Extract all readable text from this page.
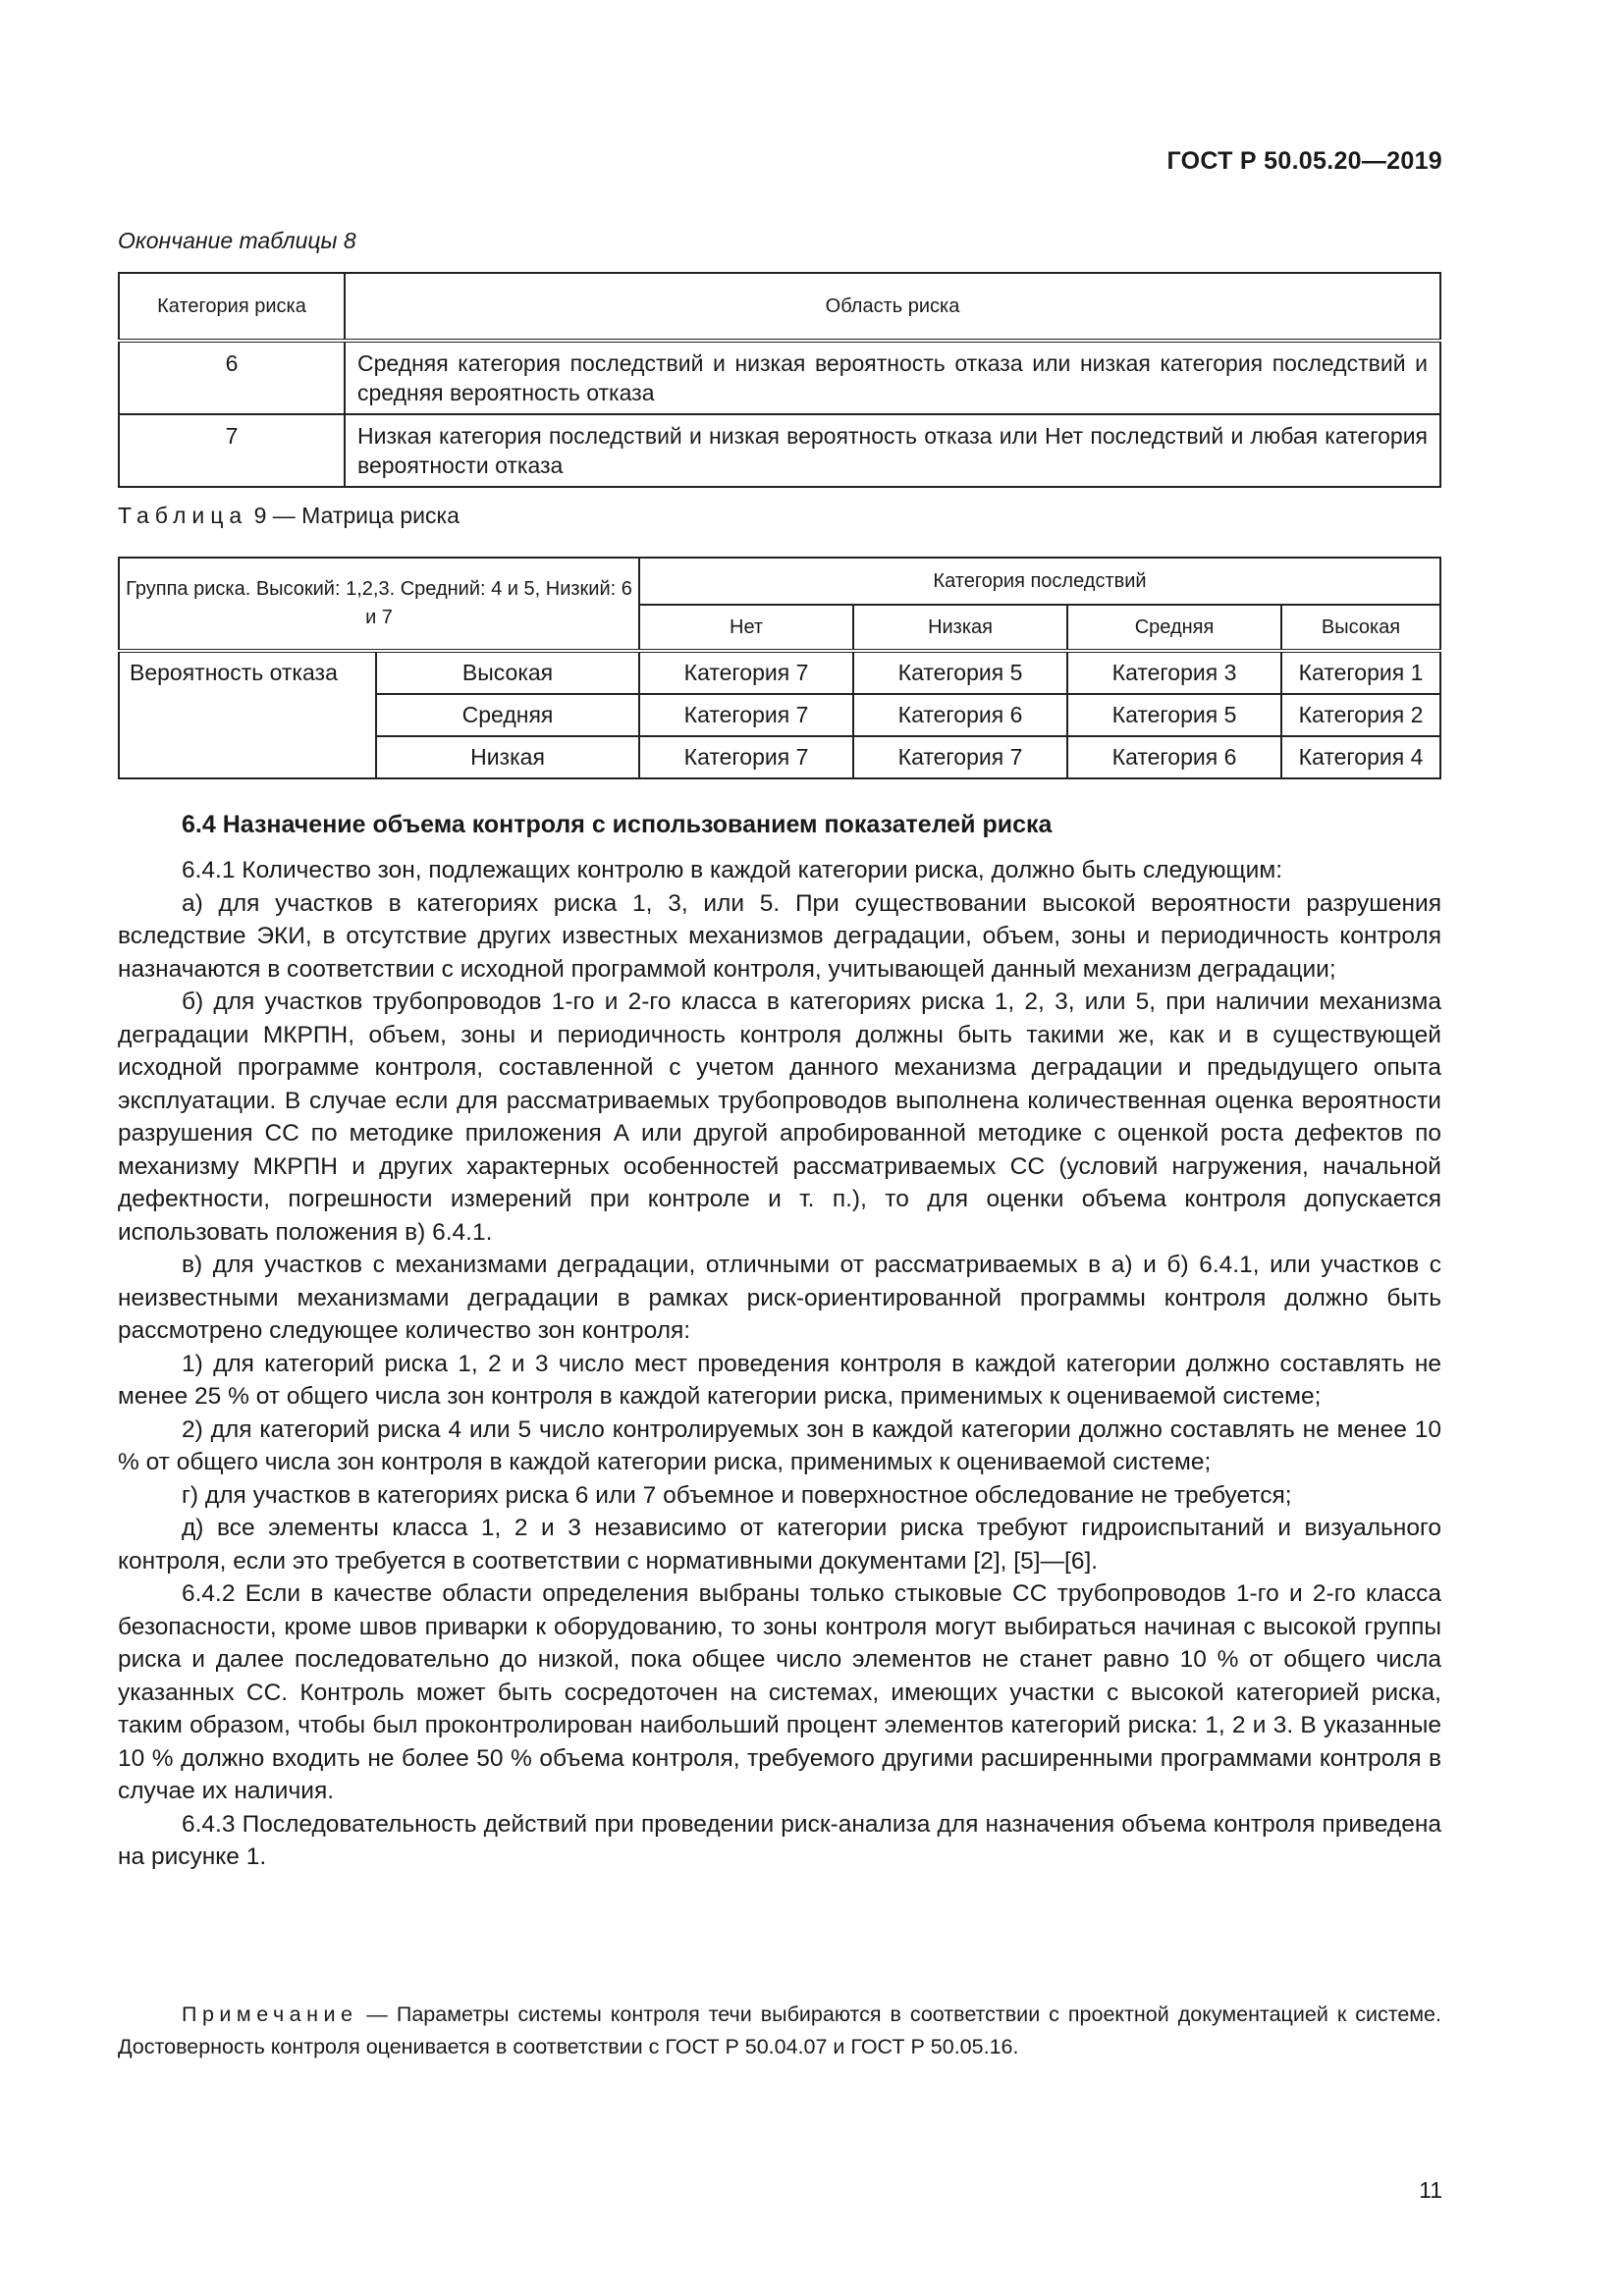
ГОСТ Р 50.05.20—2019
Окончание таблицы 8
Категория риска	Область риска
6	Средняя категория последствий и низкая вероятность отказа или низкая категория последствий и средняя вероятность отказа
7	Низкая категория последствий и низкая вероятность отказа или Нет последствий и любая категория вероятности отказа
Таблица 9 — Матрица риска
Группа риска. Высокий: 1,2,3. Средний: 4 и 5, Низкий: 6 и 7		Категория последствий			
		Нет	Низкая	Средняя	Высокая
Вероятность отказа	Высокая	Категория 7	Категория 5	Категория 3	Категория 1
	Средняя	Категория 7	Категория 6	Категория 5	Категория 2
	Низкая	Категория 7	Категория 7	Категория 6	Категория 4
6.4 Назначение объема контроля с использованием показателей риска

6.4.1 Количество зон, подлежащих контролю в каждой категории риска, должно быть следующим:

а) для участков в категориях риска 1, 3, или 5. При существовании высокой вероятности разрушения вследствие ЭКИ, в отсутствие других известных механизмов деградации, объем, зоны и периодичность контроля назначаются в соответствии с исходной программой контроля, учитывающей данный механизм деградации;

б) для участков трубопроводов 1-го и 2-го класса в категориях риска 1, 2, 3, или 5, при наличии механизма деградации МКРПН, объем, зоны и периодичность контроля должны быть такими же, как и в существующей исходной программе контроля, составленной с учетом данного механизма деградации и предыдущего опыта эксплуатации. В случае если для рассматриваемых трубопроводов выполнена количественная оценка вероятности разрушения СС по методике приложения А или другой апробированной методике с оценкой роста дефектов по механизму МКРПН и других характерных особенностей рассматриваемых СС (условий нагружения, начальной дефектности, погрешности измерений при контроле и т. п.), то для оценки объема контроля допускается использовать положения в) 6.4.1.

в) для участков с механизмами деградации, отличными от рассматриваемых в а) и б) 6.4.1, или участков с неизвестными механизмами деградации в рамках риск-ориентированной программы контроля должно быть рассмотрено следующее количество зон контроля:

1) для категорий риска 1, 2 и 3 число мест проведения контроля в каждой категории должно составлять не менее 25 % от общего числа зон контроля в каждой категории риска, применимых к оцениваемой системе;

2) для категорий риска 4 или 5 число контролируемых зон в каждой категории должно составлять не менее 10 % от общего числа зон контроля в каждой категории риска, применимых к оцениваемой системе;

г) для участков в категориях риска 6 или 7 объемное и поверхностное обследование не требуется;

д) все элементы класса 1, 2 и 3 независимо от категории риска требуют гидроиспытаний и визуального контроля, если это требуется в соответствии с нормативными документами [2], [5]—[6].

6.4.2 Если в качестве области определения выбраны только стыковые СС трубопроводов 1-го и 2-го класса безопасности, кроме швов приварки к оборудованию, то зоны контроля могут выбираться начиная с высокой группы риска и далее последовательно до низкой, пока общее число элементов не станет равно 10 % от общего числа указанных СС. Контроль может быть сосредоточен на системах, имеющих участки с высокой категорией риска, таким образом, чтобы был проконтролирован наибольший процент элементов категорий риска: 1, 2 и 3. В указанные 10 % должно входить не более 50 % объема контроля, требуемого другими расширенными программами контроля в случае их наличия.

6.4.3 Последовательность действий при проведении риск-анализа для назначения объема контроля приведена на рисунке 1.

Примечание — Параметры системы контроля течи выбираются в соответствии с проектной документацией к системе. Достоверность контроля оценивается в соответствии с ГОСТ Р 50.04.07 и ГОСТ Р 50.05.16.

11
